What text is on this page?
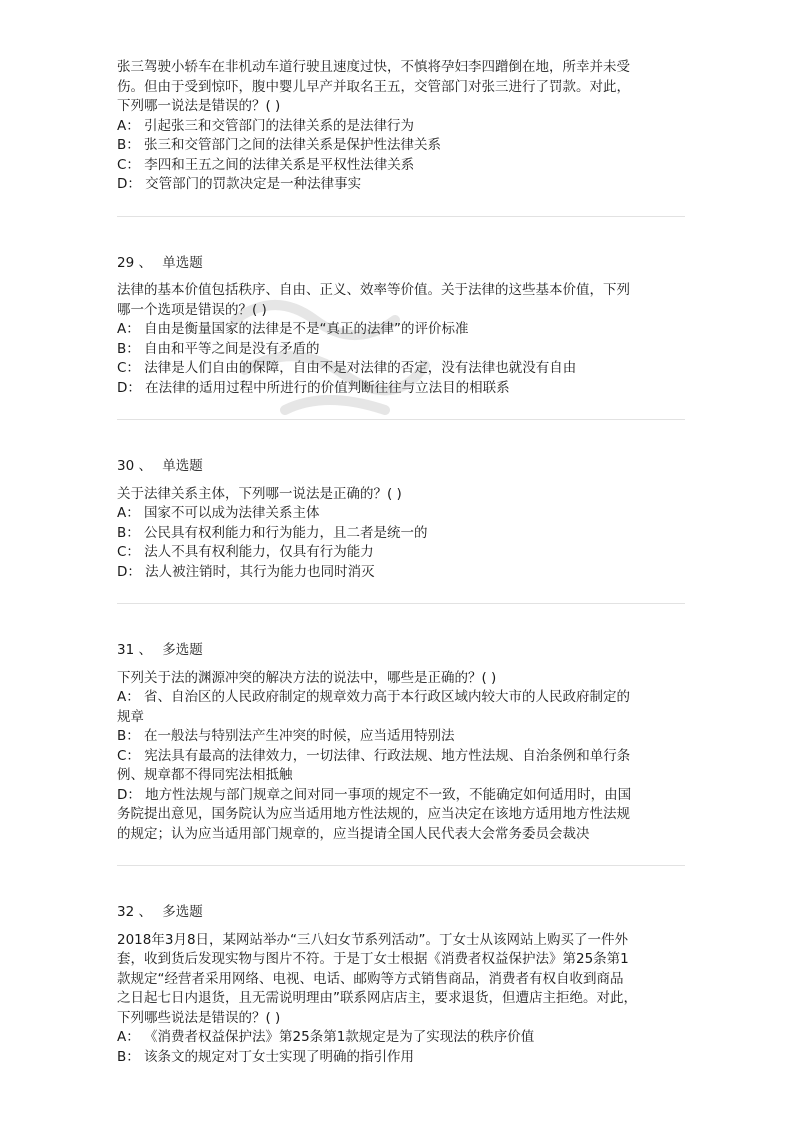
张三驾驶小轿车在非机动车道行驶且速度过快，不慎将孕妇李四蹭倒在地，所幸并未受

伤。但由于受到惊吓，腹中婴儿早产并取名王五，交管部门对张三进行了罚款。对此，

下列哪一说法是错误的？( )

A： 引起张三和交管部门的法律关系的是法律行为

B： 张三和交管部门之间的法律关系是保护性法律关系

C： 李四和王五之间的法律关系是平权性法律关系

D： 交管部门的罚款决定是一种法律事实

29 、 单选题

法律的基本价值包括秩序、自由、正义、效率等价值。关于法律的这些基本价值，下列

哪一个选项是错误的？( )

A： 自由是衡量国家的法律是不是“真正的法律”的评价标准

B： 自由和平等之间是没有矛盾的

C： 法律是人们自由的保障，自由不是对法律的否定，没有法律也就没有自由

D： 在法律的适用过程中所进行的价值判断往往与立法目的相联系

30 、 单选题

关于法律关系主体，下列哪一说法是正确的？( )

A： 国家不可以成为法律关系主体

B： 公民具有权利能力和行为能力，且二者是统一的

C： 法人不具有权利能力，仅具有行为能力

D： 法人被注销时，其行为能力也同时消灭

31 、 多选题

下列关于法的渊源冲突的解决方法的说法中，哪些是正确的？( )

A： 省、自治区的人民政府制定的规章效力高于本行政区域内较大市的人民政府制定的

规章

B： 在一般法与特别法产生冲突的时候，应当适用特别法

C： 宪法具有最高的法律效力，一切法律、行政法规、地方性法规、自治条例和单行条

例、规章都不得同宪法相抵触

D： 地方性法规与部门规章之间对同一事项的规定不一致，不能确定如何适用时，由国

务院提出意见，国务院认为应当适用地方性法规的，应当决定在该地方适用地方性法规

的规定；认为应当适用部门规章的，应当提请全国人民代表大会常务委员会裁决

32 、 多选题

2018年3月8日，某网站举办“三八妇女节系列活动”。丁女士从该网站上购买了一件外

套，收到货后发现实物与图片不符。于是丁女士根据《消费者权益保护法》第25条第1

款规定“经营者采用网络、电视、电话、邮购等方式销售商品，消费者有权自收到商品

之日起七日内退货，且无需说明理由”联系网店店主，要求退货，但遭店主拒绝。对此，

下列哪些说法是错误的？( )

A： 《消费者权益保护法》第25条第1款规定是为了实现法的秩序价值

B： 该条文的规定对丁女士实现了明确的指引作用
